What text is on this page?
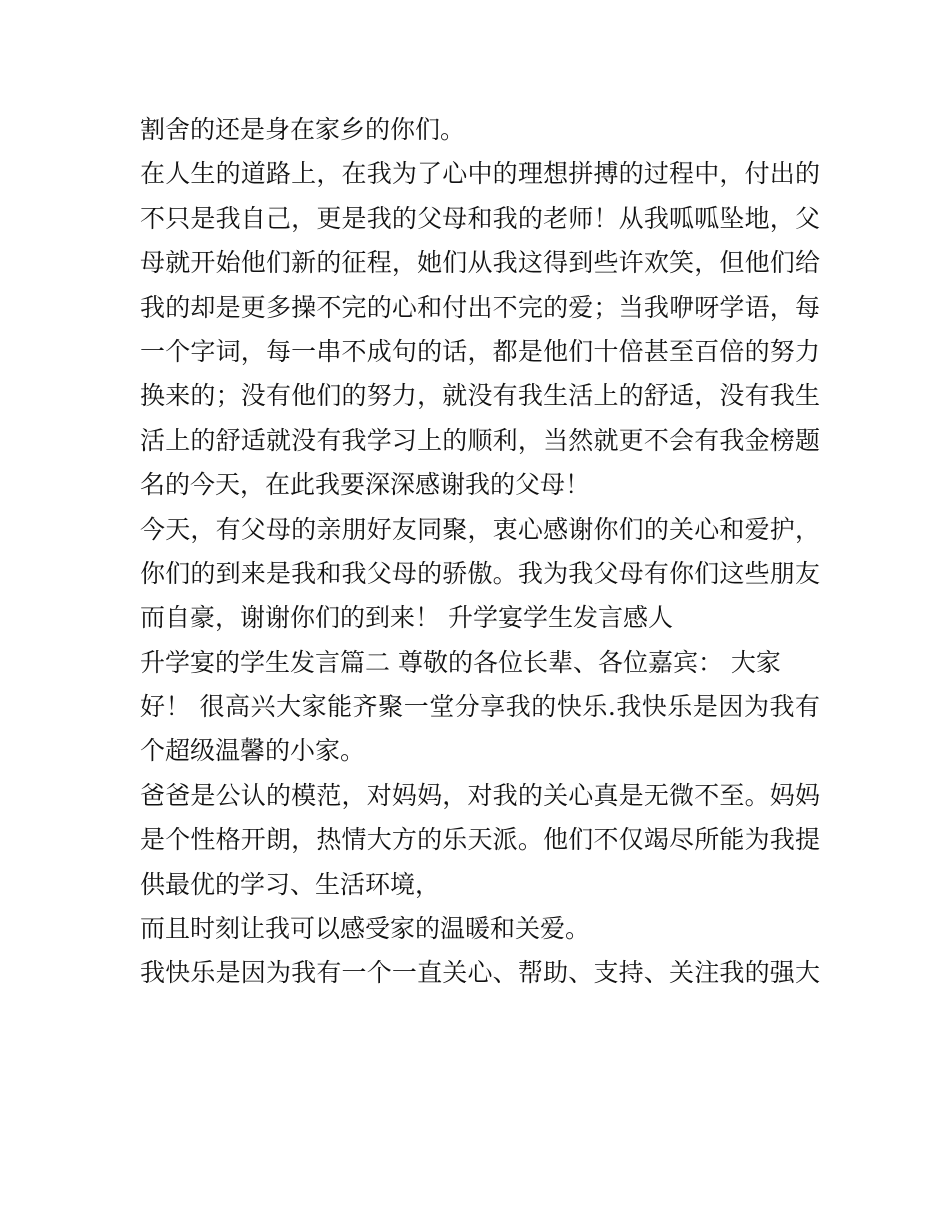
割舍的还是身在家乡的你们。
在人生的道路上，在我为了心中的理想拼搏的过程中，付出的
不只是我自己，更是我的父母和我的老师！从我呱呱坠地，父
母就开始他们新的征程，她们从我这得到些许欢笑，但他们给
我的却是更多操不完的心和付出不完的爱；当我咿呀学语，每
一个字词，每一串不成句的话，都是他们十倍甚至百倍的努力
换来的；没有他们的努力，就没有我生活上的舒适，没有我生
活上的舒适就没有我学习上的顺利，当然就更不会有我金榜题
名的今天，在此我要深深感谢我的父母！
今天，有父母的亲朋好友同聚，衷心感谢你们的关心和爱护，
你们的到来是我和我父母的骄傲。我为我父母有你们这些朋友
而自豪，谢谢你们的到来！ 升学宴学生发言感人
升学宴的学生发言篇二 尊敬的各位长辈、各位嘉宾： 大家
好！ 很高兴大家能齐聚一堂分享我的快乐.我快乐是因为我有
个超级温馨的小家。
爸爸是公认的模范，对妈妈，对我的关心真是无微不至。妈妈
是个性格开朗，热情大方的乐天派。他们不仅竭尽所能为我提
供最优的学习、生活环境，
而且时刻让我可以感受家的温暖和关爱。
我快乐是因为我有一个一直关心、帮助、支持、关注我的强大
